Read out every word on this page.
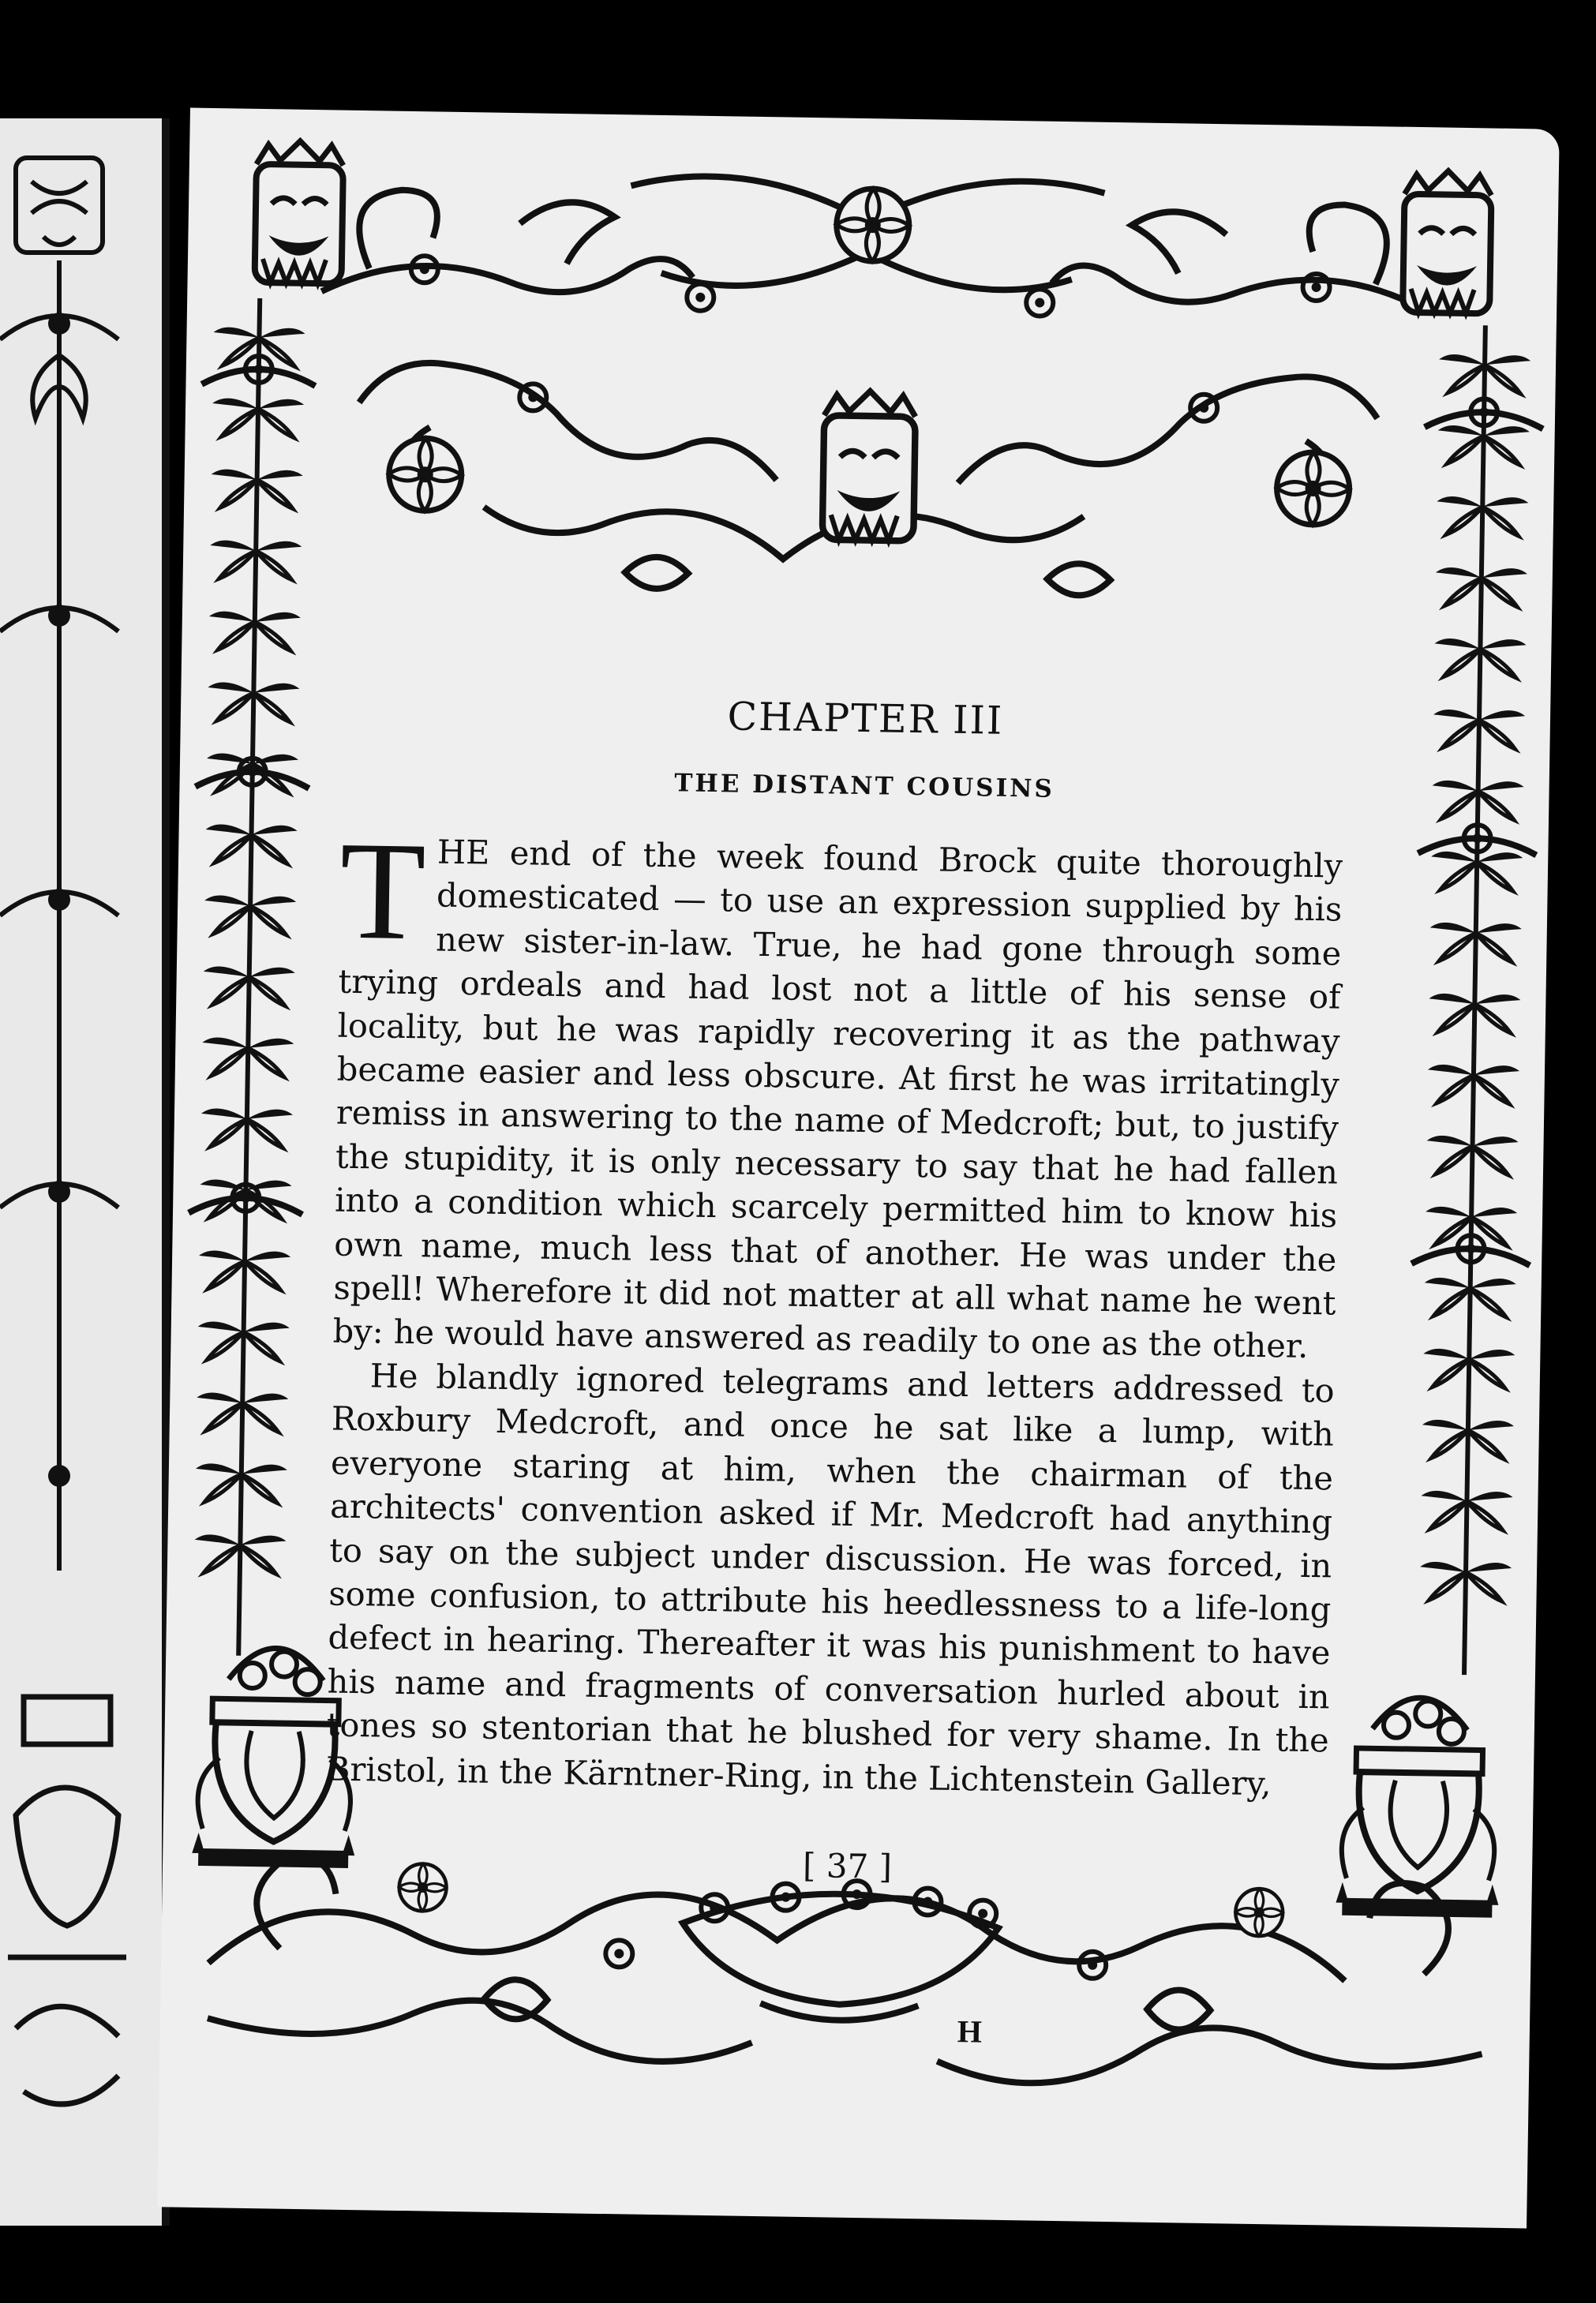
H
CHAPTER III
THE DISTANT COUSINS

THE end of the week found Brock quite thoroughly domesticated — to use an expression supplied by his new sister-in-law. True, he had gone through some trying ordeals and had lost not a little of his sense of locality, but he was rapidly recovering it as the pathway became easier and less obscure. At first he was irritatingly remiss in answering to the name of Medcroft; but, to justify the stupidity, it is only necessary to say that he had fallen into a condition which scarcely permitted him to know his own name, much less that of another. He was under the spell! Wherefore it did not matter at all what name he went by: he would have answered as readily to one as the other.

He blandly ignored telegrams and letters addressed to Roxbury Medcroft, and once he sat like a lump, with everyone staring at him, when the chairman of the architects' convention asked if Mr. Medcroft had anything to say on the subject under discussion. He was forced, in some confusion, to attribute his heedlessness to a life-long defect in hearing. Thereafter it was his punishment to have his name and fragments of conversation hurled about in tones so stentorian that he blushed for very shame. In the Bristol, in the Kärntner-Ring, in the Lichtenstein Gallery,

[ 37 ]
